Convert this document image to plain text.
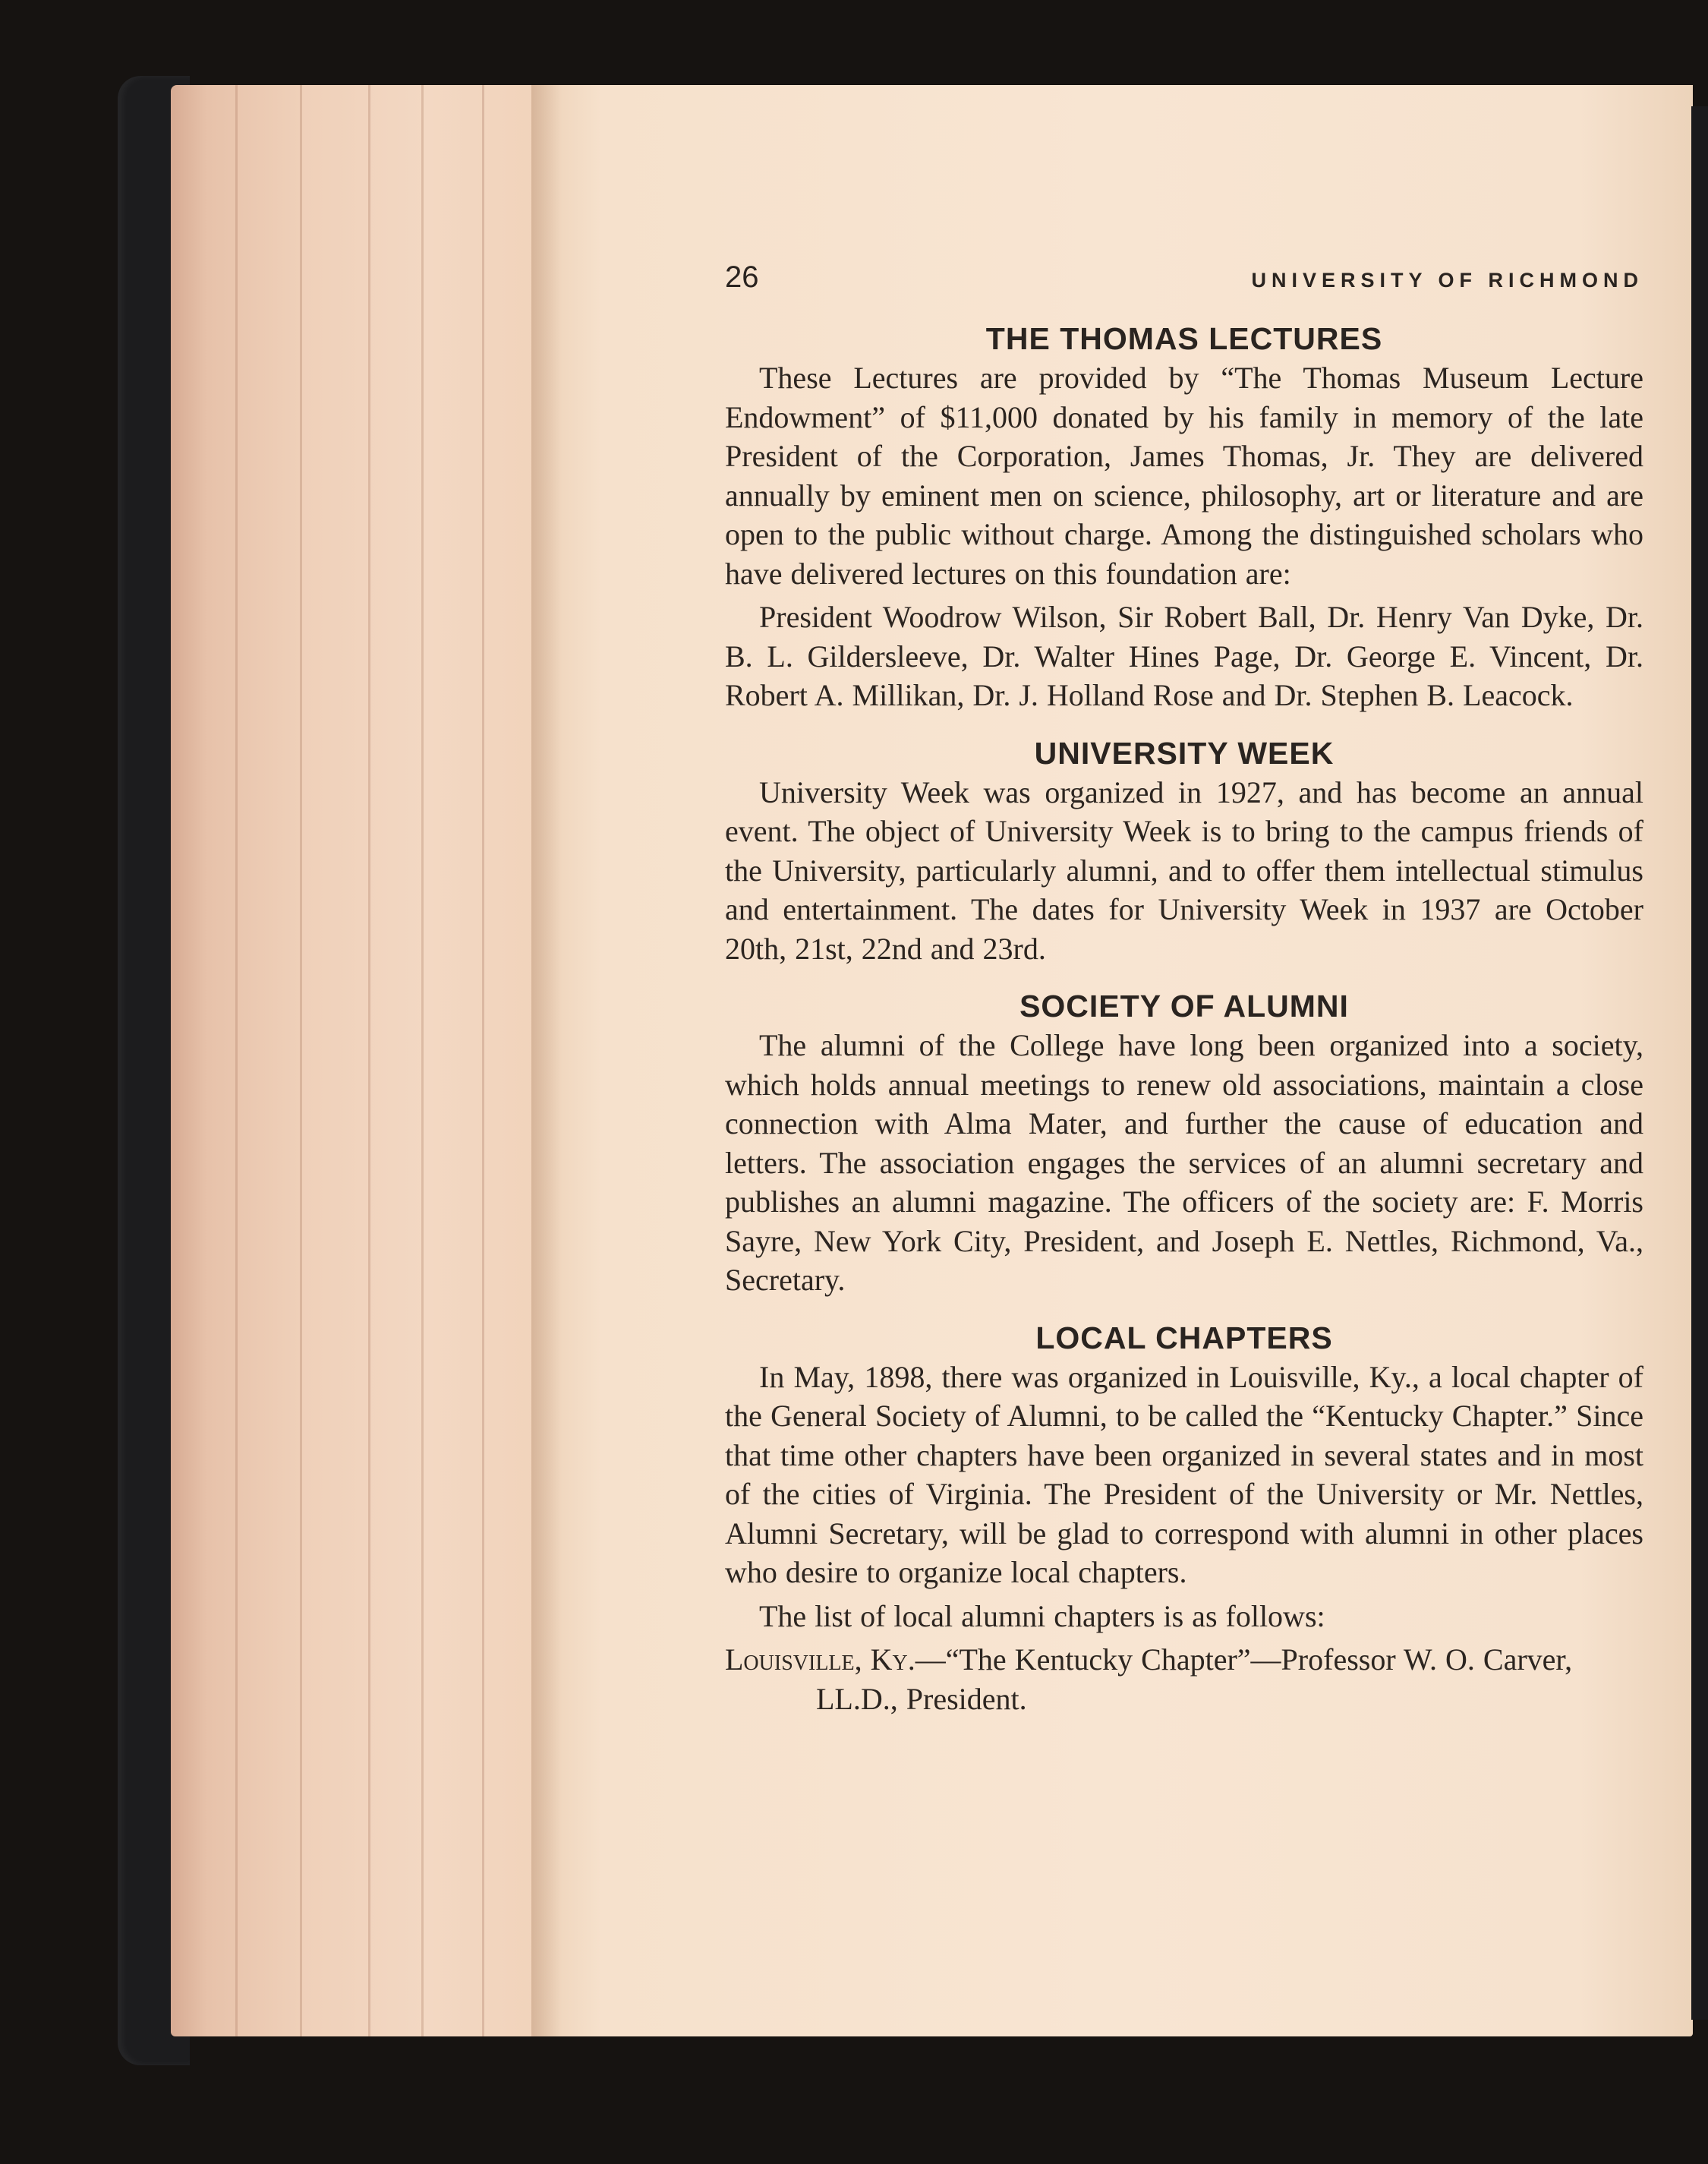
26	UNIVERSITY OF RICHMOND
THE THOMAS LECTURES

These Lectures are provided by “The Thomas Museum Lecture Endowment” of $11,000 donated by his family in memory of the late President of the Corporation, James Thomas, Jr. They are delivered annually by eminent men on science, philosophy, art or literature and are open to the public without charge. Among the distinguished scholars who have delivered lectures on this foundation are:

President Woodrow Wilson, Sir Robert Ball, Dr. Henry Van Dyke, Dr. B. L. Gildersleeve, Dr. Walter Hines Page, Dr. George E. Vincent, Dr. Robert A. Millikan, Dr. J. Holland Rose and Dr. Stephen B. Leacock.

UNIVERSITY WEEK

University Week was organized in 1927, and has become an annual event. The object of University Week is to bring to the campus friends of the University, particularly alumni, and to offer them intellectual stimulus and entertainment. The dates for University Week in 1937 are October 20th, 21st, 22nd and 23rd.

SOCIETY OF ALUMNI

The alumni of the College have long been organized into a society, which holds annual meetings to renew old associations, maintain a close connection with Alma Mater, and further the cause of education and letters. The association engages the services of an alumni secretary and publishes an alumni magazine. The officers of the society are: F. Morris Sayre, New York City, President, and Joseph E. Nettles, Richmond, Va., Secretary.

LOCAL CHAPTERS

In May, 1898, there was organized in Louisville, Ky., a local chapter of the General Society of Alumni, to be called the “Kentucky Chapter.” Since that time other chapters have been organized in several states and in most of the cities of Virginia. The President of the University or Mr. Nettles, Alumni Secretary, will be glad to correspond with alumni in other places who desire to organize local chapters.

The list of local alumni chapters is as follows:

Louisville, Ky.—“The Kentucky Chapter”—Professor W. O. Carver, LL.D., President.
